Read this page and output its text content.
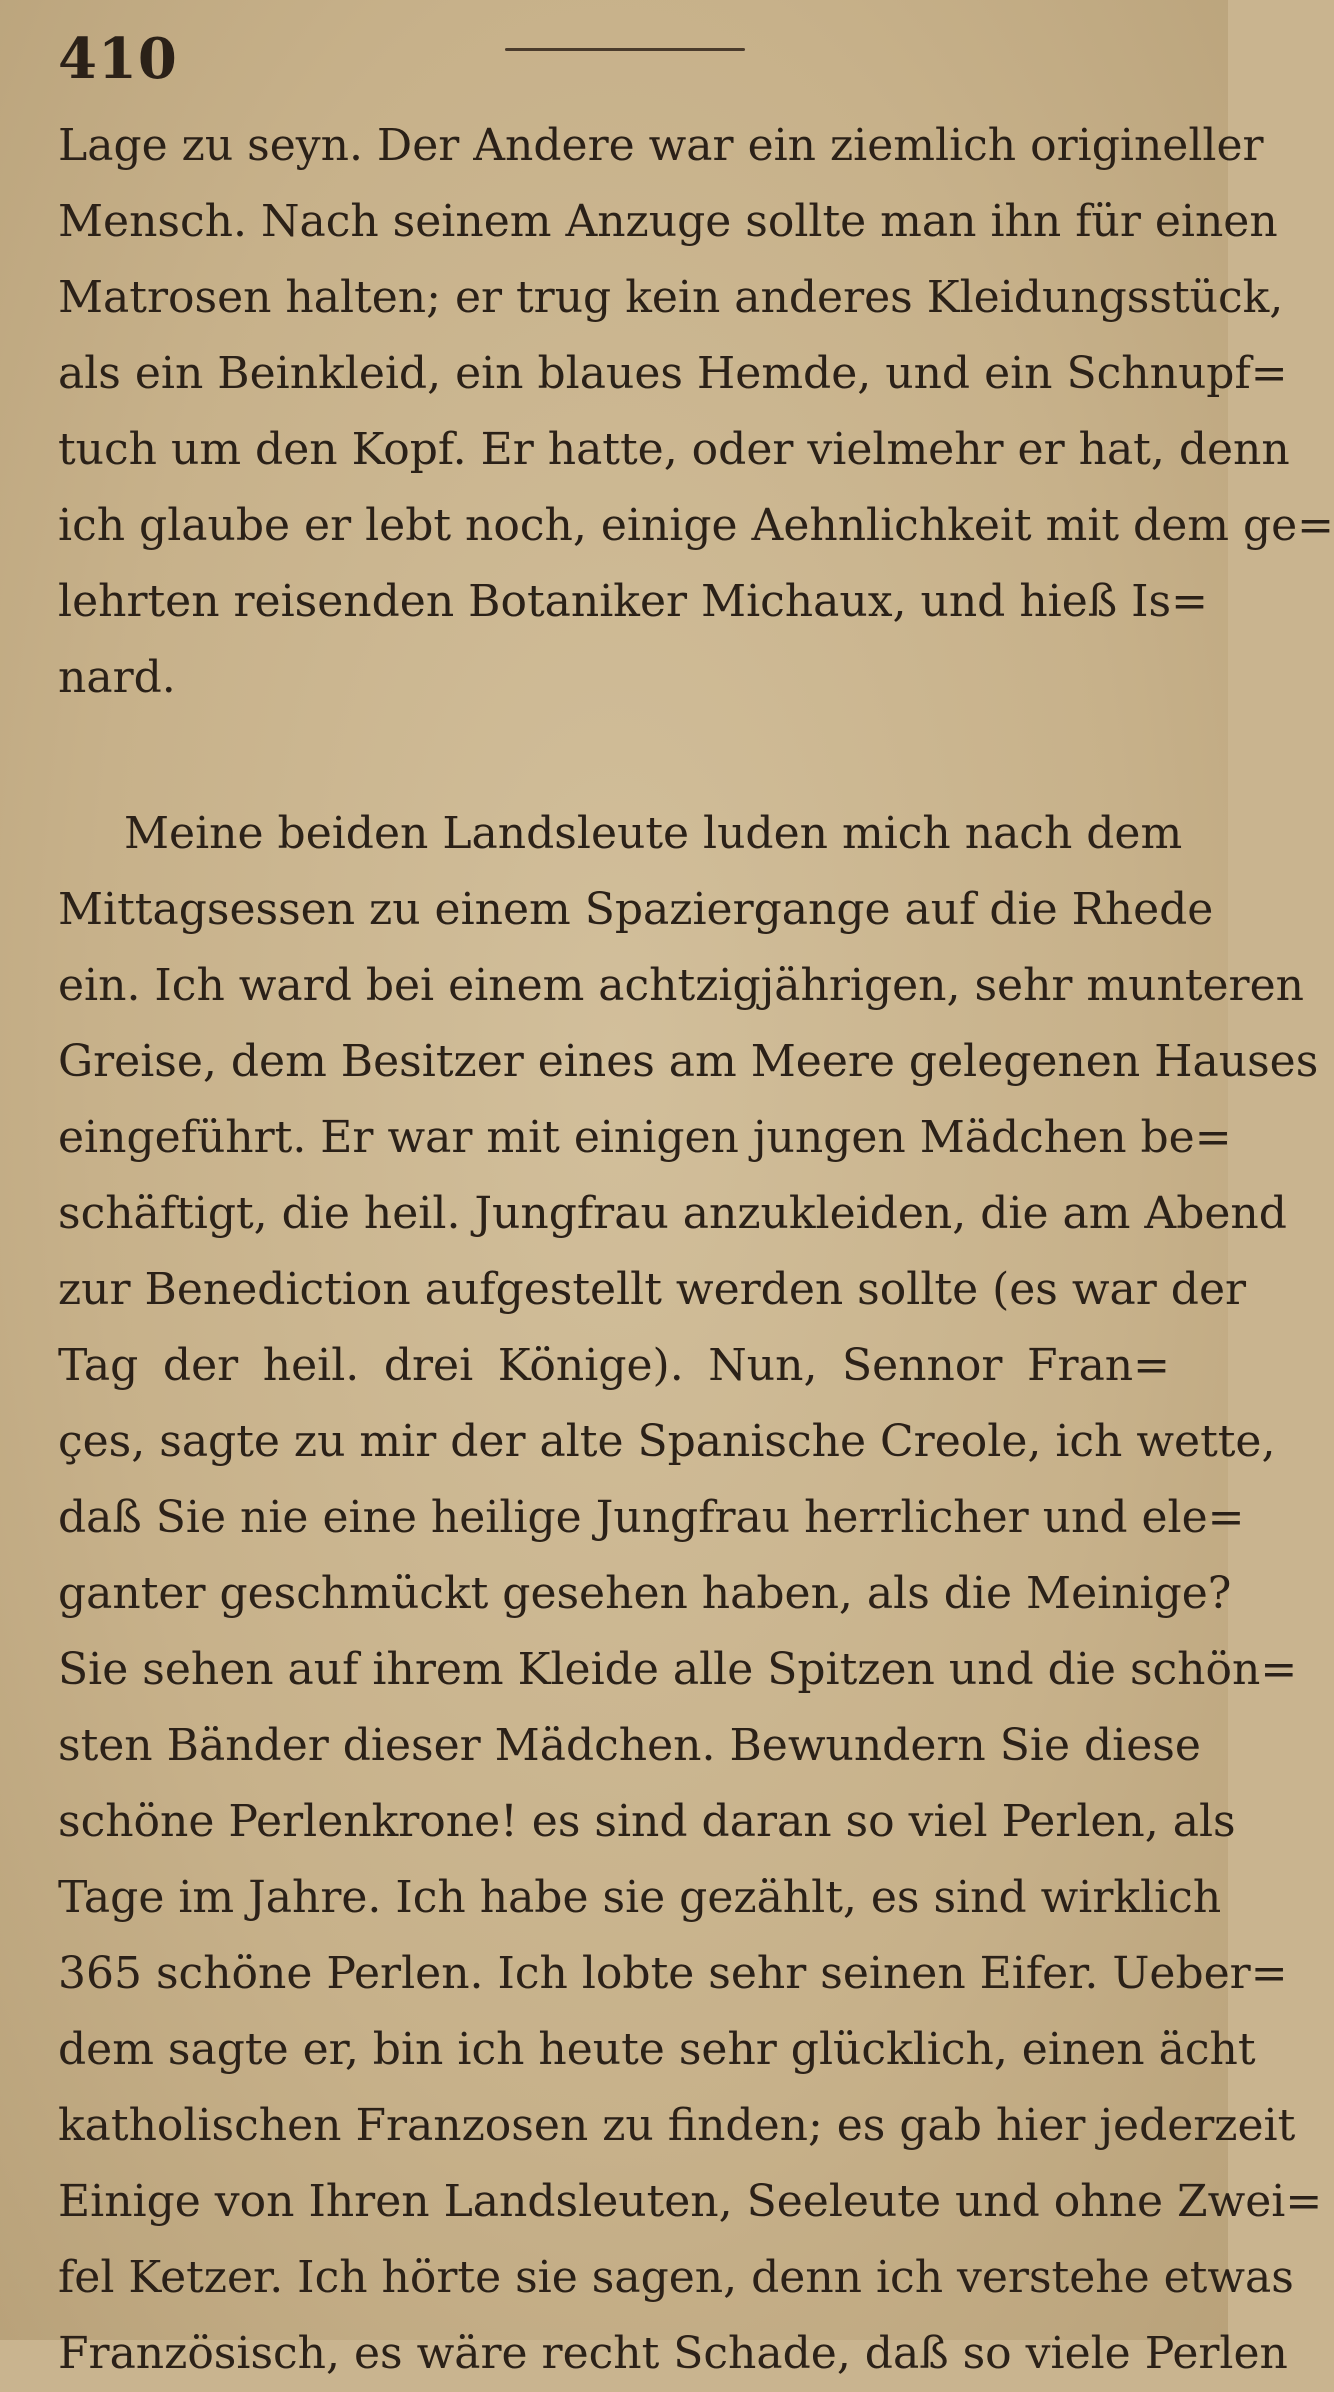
410
Lage zu seyn. Der Andere war ein ziemlich origineller
Mensch. Nach seinem Anzuge sollte man ihn für einen
Matrosen halten; er trug kein anderes Kleidungsstück,
als ein Beinkleid, ein blaues Hemde, und ein Schnupf=
tuch um den Kopf. Er hatte, oder vielmehr er hat, denn
ich glaube er lebt noch, einige Aehnlichkeit mit dem ge=
lehrten reisenden Botaniker Michaux, und hieß Is=
nard.
Meine beiden Landsleute luden mich nach dem
Mittagsessen zu einem Spaziergange auf die Rhede
ein. Ich ward bei einem achtzigjährigen, sehr munteren
Greise, dem Besitzer eines am Meere gelegenen Hauses
eingeführt. Er war mit einigen jungen Mädchen be=
schäftigt, die heil. Jungfrau anzukleiden, die am Abend
zur Benediction aufgestellt werden sollte (es war der
Tag der heil. drei Könige). Nun, Sennor Fran=
çes, sagte zu mir der alte Spanische Creole, ich wette,
daß Sie nie eine heilige Jungfrau herrlicher und ele=
ganter geschmückt gesehen haben, als die Meinige?
Sie sehen auf ihrem Kleide alle Spitzen und die schön=
sten Bänder dieser Mädchen. Bewundern Sie diese
schöne Perlenkrone! es sind daran so viel Perlen, als
Tage im Jahre. Ich habe sie gezählt, es sind wirklich
365 schöne Perlen. Ich lobte sehr seinen Eifer. Ueber=
dem sagte er, bin ich heute sehr glücklich, einen ächt
katholischen Franzosen zu finden; es gab hier jederzeit
Einige von Ihren Landsleuten, Seeleute und ohne Zwei=
fel Ketzer. Ich hörte sie sagen, denn ich verstehe etwas
Französisch, es wäre recht Schade, daß so viele Perlen
